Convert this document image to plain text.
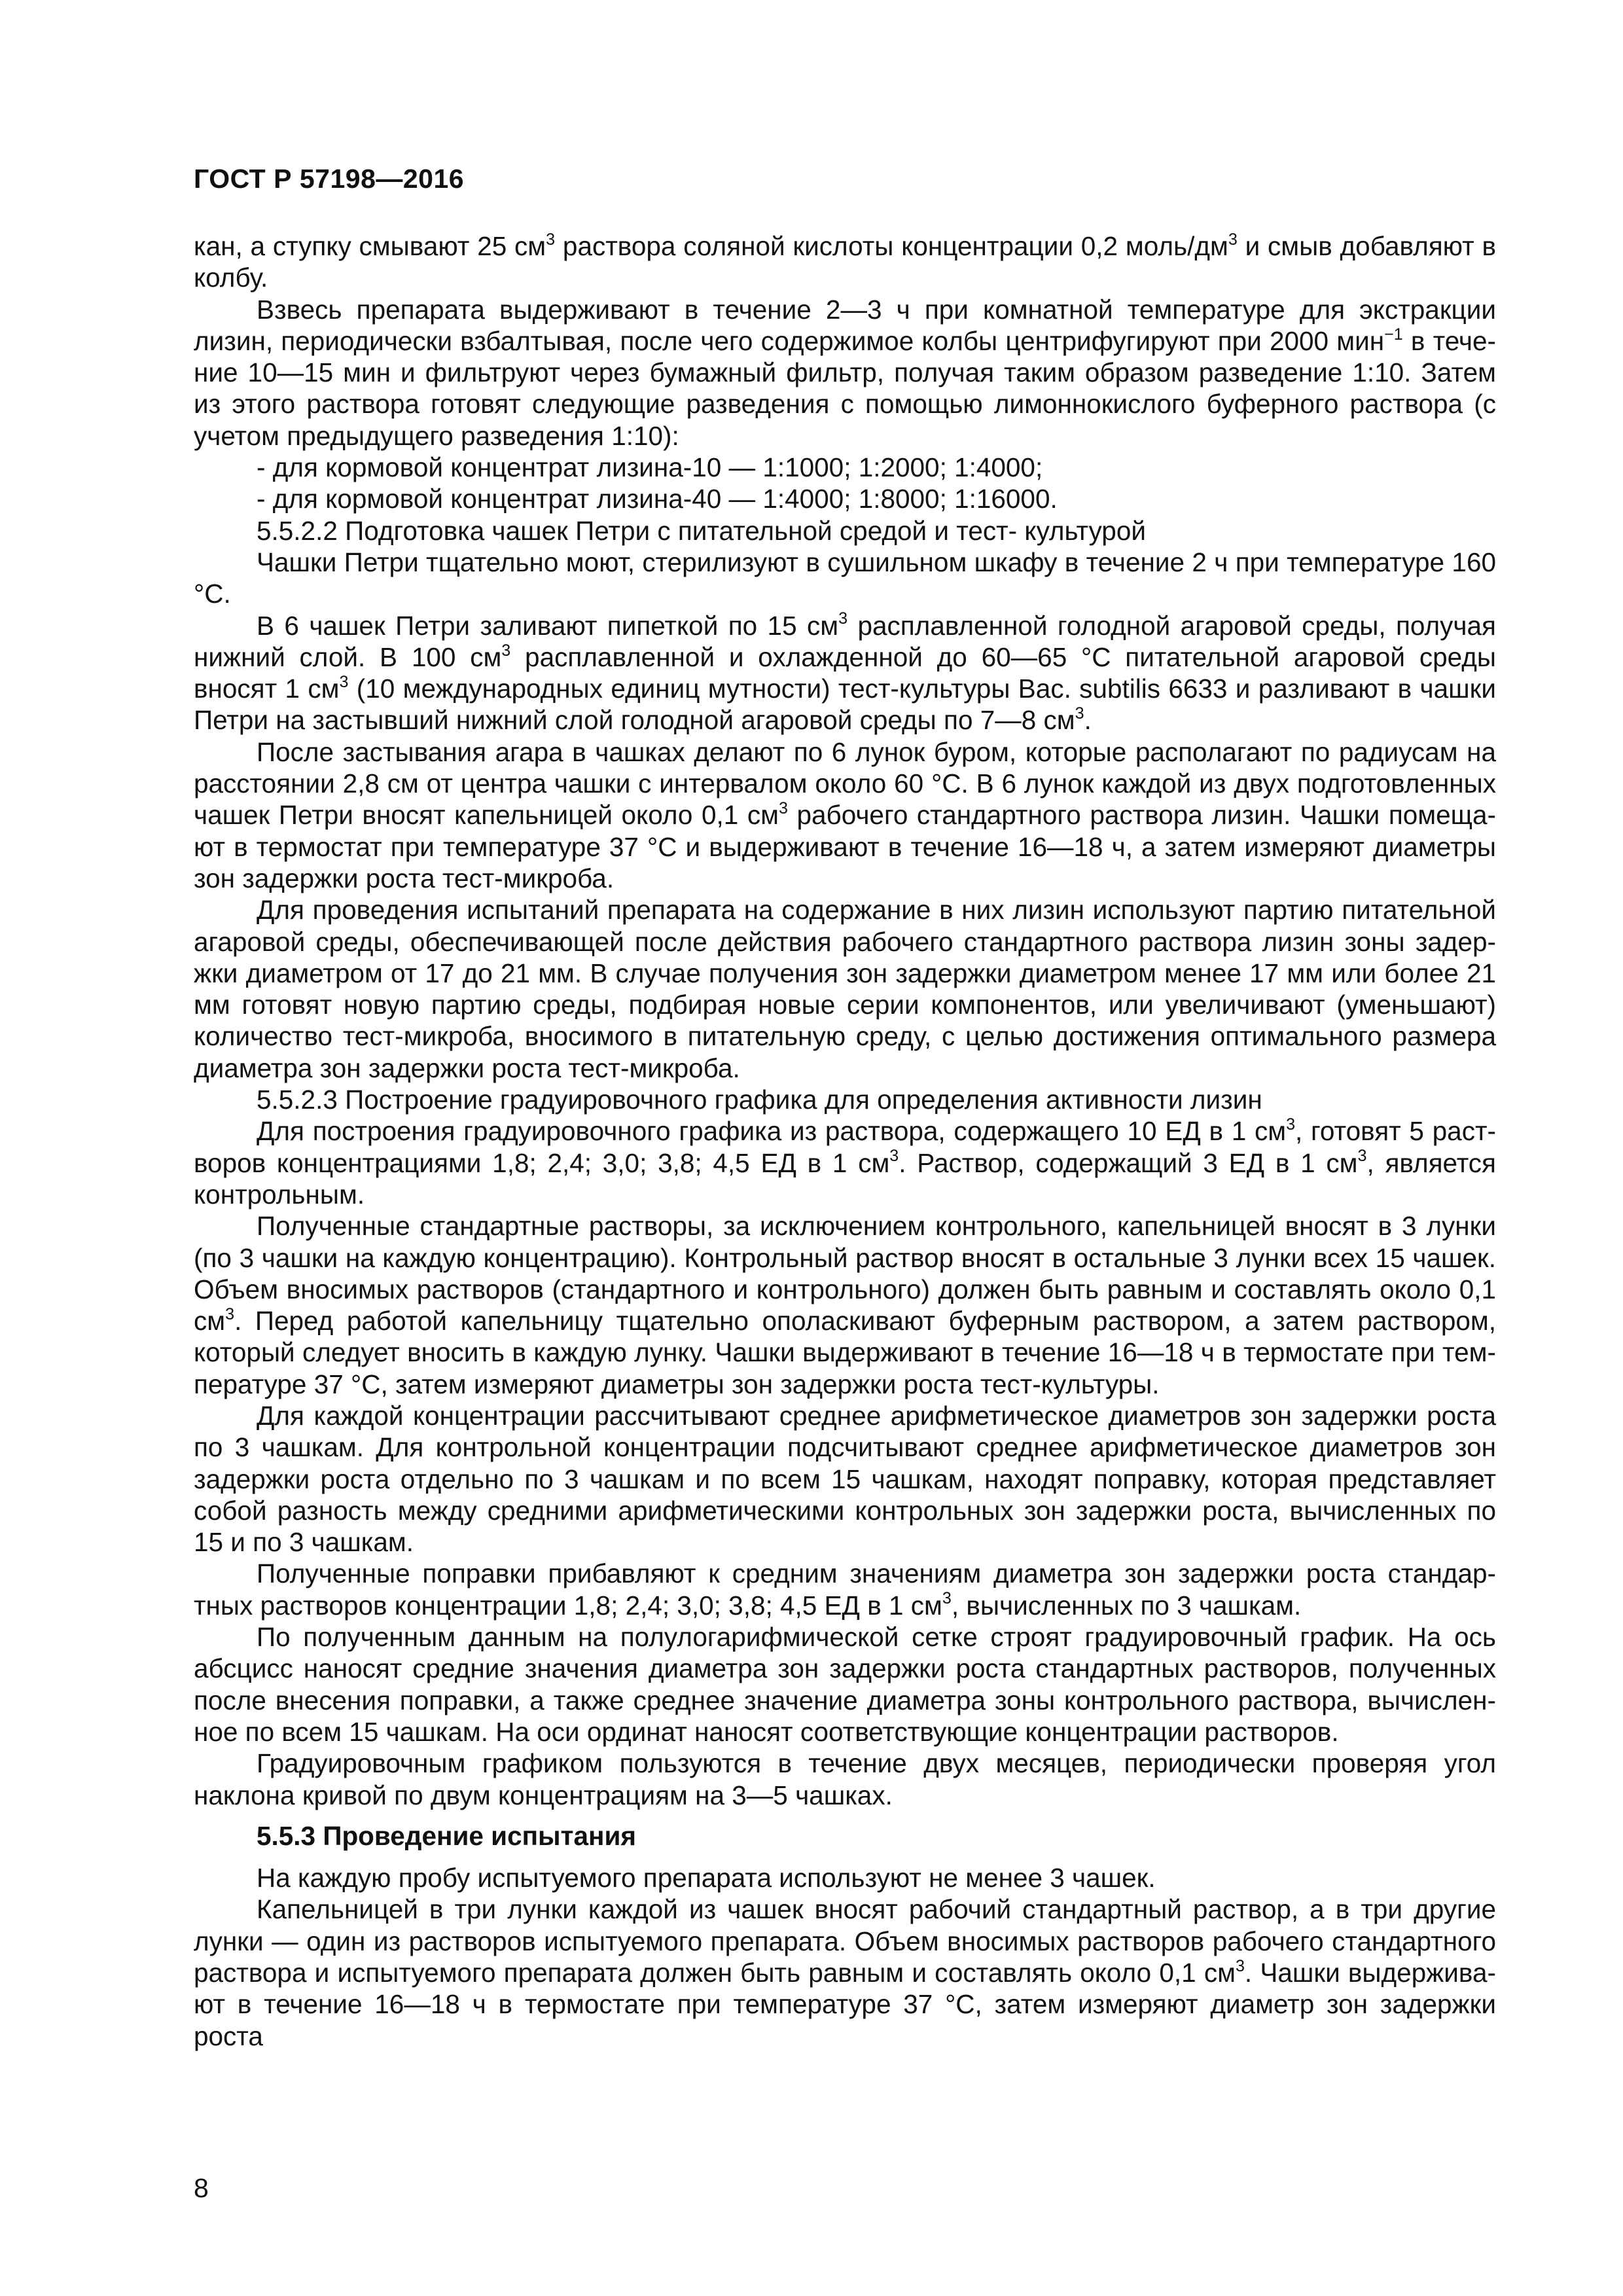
ГОСТ Р 57198—2016

кан, а ступку смывают 25 $см^3$ раствора соляной кислоты концентрации 0,2 моль/$дм^3$ и смыв добавляют в колбу.

Взвесь препарата выдерживают в течение 2—3 ч при комнатной температуре для экстракции лизин, периодически взбалтывая, после чего содержимое колбы центрифугируют при 2000 мин$^{-1}$ в течение 10—15 мин и фильтруют через бумажный фильтр, получая таким образом разведение 1:10. Затем из этого раствора готовят следующие разведения с помощью лимоннокислого буферного раствора (с учетом предыдущего разведения 1:10):

- для кормовой концентрат лизина-10 — 1:1000; 1:2000; 1:4000;

- для кормовой концентрат лизина-40 — 1:4000; 1:8000; 1:16000.

5.5.2.2 Подготовка чашек Петри с питательной средой и тест- культурой

Чашки Петри тщательно моют, стерилизуют в сушильном шкафу в течение 2 ч при температуре 160 °С.

В 6 чашек Петри заливают пипеткой по 15 $см^3$ расплавленной голодной агаровой среды, получая нижний слой. В 100 $см^3$ расплавленной и охлажденной до 60—65 °С питательной агаровой среды вносят 1 $см^3$ (10 международных единиц мутности) тест-культуры Bac. subtilis 6633 и разливают в чашки Петри на застывший нижний слой голодной агаровой среды по 7—8 $см^3$.

После застывания агара в чашках делают по 6 лунок буром, которые располагают по радиусам на расстоянии 2,8 см от центра чашки с интервалом около 60 °С. В 6 лунок каждой из двух подготовленных чашек Петри вносят капельницей около 0,1 $см^3$ рабочего стандартного раствора лизин. Чашки помещают в термостат при температуре 37 °С и выдерживают в течение 16—18 ч, а затем измеряют диаметры зон задержки роста тест-микроба.

Для проведения испытаний препарата на содержание в них лизин используют партию питательной агаровой среды, обеспечивающей после действия рабочего стандартного раствора лизин зоны задержки диаметром от 17 до 21 мм. В случае получения зон задержки диаметром менее 17 мм или более 21 мм готовят новую партию среды, подбирая новые серии компонентов, или увеличивают (уменьшают) количество тест-микроба, вносимого в питательную среду, с целью достижения оптимального размера диаметра зон задержки роста тест-микроба.

5.5.2.3 Построение градуировочного графика для определения активности лизин

Для построения градуировочного графика из раствора, содержащего 10 ЕД в 1 $см^3$, готовят 5 растворов концентрациями 1,8; 2,4; 3,0; 3,8; 4,5 ЕД в 1 $см^3$. Раствор, содержащий 3 ЕД в 1 $см^3$, является контрольным.

Полученные стандартные растворы, за исключением контрольного, капельницей вносят в 3 лунки (по 3 чашки на каждую концентрацию). Контрольный раствор вносят в остальные 3 лунки всех 15 чашек. Объем вносимых растворов (стандартного и контрольного) должен быть равным и составлять около 0,1 $см^3$. Перед работой капельницу тщательно ополаскивают буферным раствором, а затем раствором, который следует вносить в каждую лунку. Чашки выдерживают в течение 16—18 ч в термостате при температуре 37 °С, затем измеряют диаметры зон задержки роста тест-культуры.

Для каждой концентрации рассчитывают среднее арифметическое диаметров зон задержки роста по 3 чашкам. Для контрольной концентрации подсчитывают среднее арифметическое диаметров зон задержки роста отдельно по 3 чашкам и по всем 15 чашкам, находят поправку, которая представляет собой разность между средними арифметическими контрольных зон задержки роста, вычисленных по 15 и по 3 чашкам.

Полученные поправки прибавляют к средним значениям диаметра зон задержки роста стандартных растворов концентрации 1,8; 2,4; 3,0; 3,8; 4,5 ЕД в 1 $см^3$, вычисленных по 3 чашкам.

По полученным данным на полулогарифмической сетке строят градуировочный график. На ось абсцисс наносят средние значения диаметра зон задержки роста стандартных растворов, полученных после внесения поправки, а также среднее значение диаметра зоны контрольного раствора, вычисленное по всем 15 чашкам. На оси ординат наносят соответствующие концентрации растворов.

Градуировочным графиком пользуются в течение двух месяцев, периодически проверяя угол наклона кривой по двум концентрациям на 3—5 чашках.

5.5.3 Проведение испытания

На каждую пробу испытуемого препарата используют не менее 3 чашек.

Капельницей в три лунки каждой из чашек вносят рабочий стандартный раствор, а в три другие лунки — один из растворов испытуемого препарата. Объем вносимых растворов рабочего стандартного раствора и испытуемого препарата должен быть равным и составлять около 0,1 $см^3$. Чашки выдерживают в течение 16—18 ч в термостате при температуре 37 °С, затем измеряют диаметр зон задержки роста

8
